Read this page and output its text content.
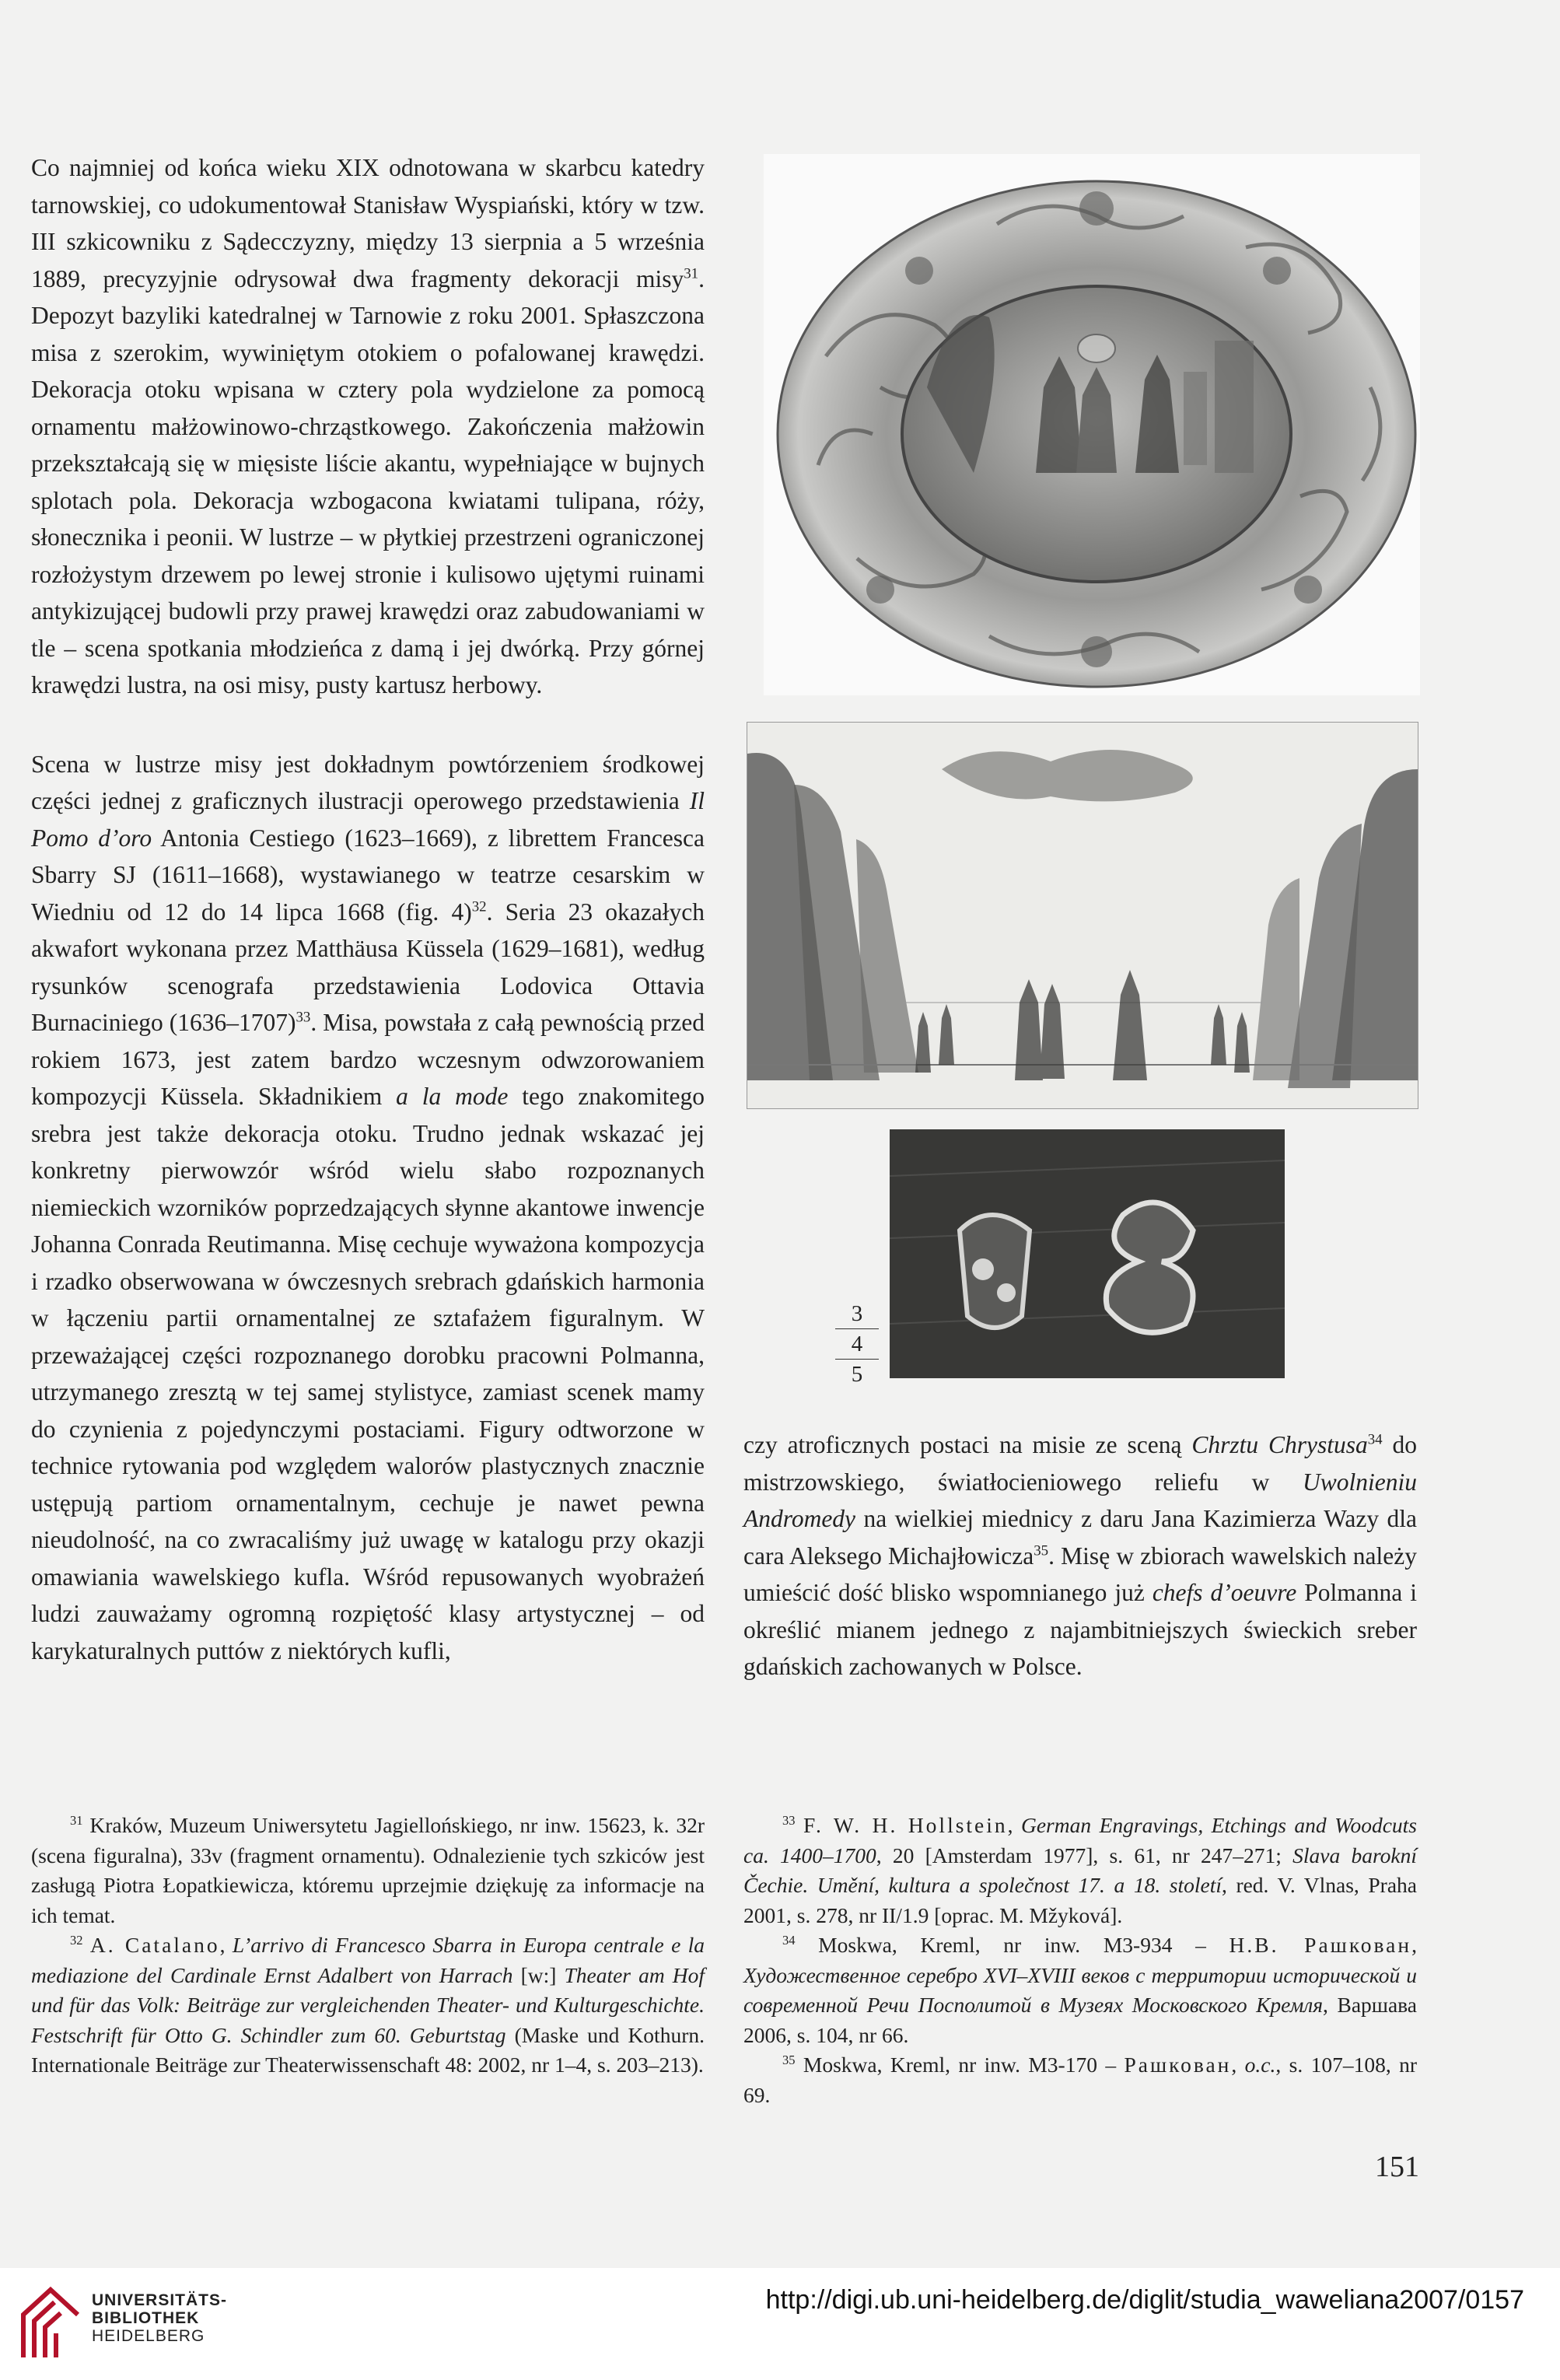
Co najmniej od końca wieku XIX odnotowana w skarbcu katedry tarnowskiej, co udokumentował Stanisław Wyspiański, który w tzw. III szkicowniku z Sądecczyzny, między 13 sierpnia a 5 września 1889, precyzyjnie odrysował dwa fragmenty dekoracji misy$^{31}$. Depozyt bazyliki katedralnej w Tarnowie z roku 2001. Spłaszczona misa z szerokim, wywiniętym otokiem o pofalowanej krawędzi. Dekoracja otoku wpisana w cztery pola wydzielone za pomocą ornamentu małżowinowo-chrząstkowego. Zakończenia małżowin przekształcają się w mięsiste liście akantu, wypełniające w bujnych splotach pola. Dekoracja wzbogacona kwiatami tulipana, róży, słonecznika i peonii. W lustrze – w płytkiej przestrzeni ograniczonej rozłożystym drzewem po lewej stronie i kulisowo ujętymi ruinami antykizującej budowli przy prawej krawędzi oraz zabudowaniami w tle – scena spotkania młodzieńca z damą i jej dwórką. Przy górnej krawędzi lustra, na osi misy, pusty kartusz herbowy.

Scena w lustrze misy jest dokładnym powtórzeniem środkowej części jednej z graficznych ilustracji operowego przedstawienia Il Pomo d’oro Antonia Cestiego (1623–1669), z librettem Francesca Sbarry SJ (1611–1668), wystawianego w teatrze cesarskim w Wiedniu od 12 do 14 lipca 1668 (fig. 4)$^{32}$. Seria 23 okazałych akwafort wykonana przez Matthäusa Küssela (1629–1681), według rysunków scenografa przedstawienia Lodovica Ottavia Burnaciniego (1636–1707)$^{33}$. Misa, powstała z całą pewnością przed rokiem 1673, jest zatem bardzo wczesnym odwzorowaniem kompozycji Küssela. Składnikiem a la mode tego znakomitego srebra jest także dekoracja otoku. Trudno jednak wskazać jej konkretny pierwowzór wśród wielu słabo rozpoznanych niemieckich wzorników poprzedzających słynne akantowe inwencje Johanna Conrada Reutimanna. Misę cechuje wyważona kompozycja i rzadko obserwowana w ówczesnych srebrach gdańskich harmonia w łączeniu partii ornamentalnej ze sztafażem figuralnym. W przeważającej części rozpoznanego dorobku pracowni Polmanna, utrzymanego zresztą w tej samej stylistyce, zamiast scenek mamy do czynienia z pojedynczymi postaciami. Figury odtworzone w technice rytowania pod względem walorów plastycznych znacznie ustępują partiom ornamentalnym, cechuje je nawet pewna nieudolność, na co zwracaliśmy już uwagę w katalogu przy okazji omawiania wawelskiego kufla. Wśród repusowanych wyobrażeń ludzi zauważamy ogromną rozpiętość klasy artystycznej – od karykaturalnych puttów z niektórych kufli,

3
4
5

czy atroficznych postaci na misie ze sceną Chrztu Chrystusa$^{34}$ do mistrzowskiego, światłocieniowego reliefu w Uwolnieniu Andromedy na wielkiej miednicy z daru Jana Kazimierza Wazy dla cara Aleksego Michajłowicza$^{35}$. Misę w zbiorach wawelskich należy umieścić dość blisko wspomnianego już chefs d’oeuvre Polmanna i określić mianem jednego z najambitniejszych świeckich sreber gdańskich zachowanych w Polsce.

$^{31}$ Kraków, Muzeum Uniwersytetu Jagiellońskiego, nr inw. 15623, k. 32r (scena figuralna), 33v (fragment ornamentu). Odnalezienie tych szkiców jest zasługą Piotra Łopatkiewicza, któremu uprzejmie dziękuję za informacje na ich temat.

$^{32}$ A. Catalano, L’arrivo di Francesco Sbarra in Europa centrale e la mediazione del Cardinale Ernst Adalbert von Harrach [w:] Theater am Hof und für das Volk: Beiträge zur vergleichenden Theater- und Kulturgeschichte. Festschrift für Otto G. Schindler zum 60. Geburtstag (Maske und Kothurn. Internationale Beiträge zur Theaterwissenschaft 48: 2002, nr 1–4, s. 203–213).

$^{33}$ F. W. H. Hollstein, German Engravings, Etchings and Woodcuts ca. 1400–1700, 20 [Amsterdam 1977], s. 61, nr 247–271; Slava barokní Čechie. Umění, kultura a společnost 17. a 18. století, red. V. Vlnas, Praha 2001, s. 278, nr II/1.9 [oprac. M. Mžyková].

$^{34}$ Moskwa, Kreml, nr inw. M3-934 – Н.В. Рашкован, Художественное серебро XVI–XVIII веков с территории исторической и современной Речи Посполитой в Музеях Московского Кремля, Варшава 2006, s. 104, nr 66.

$^{35}$ Moskwa, Kreml, nr inw. M3-170 – Рашкован, o.c., s. 107–108, nr 69.

151
UNIVERSITÄTS-
BIBLIOTHEK
HEIDELBERG
http://digi.ub.uni-heidelberg.de/diglit/studia_waweliana2007/0157
